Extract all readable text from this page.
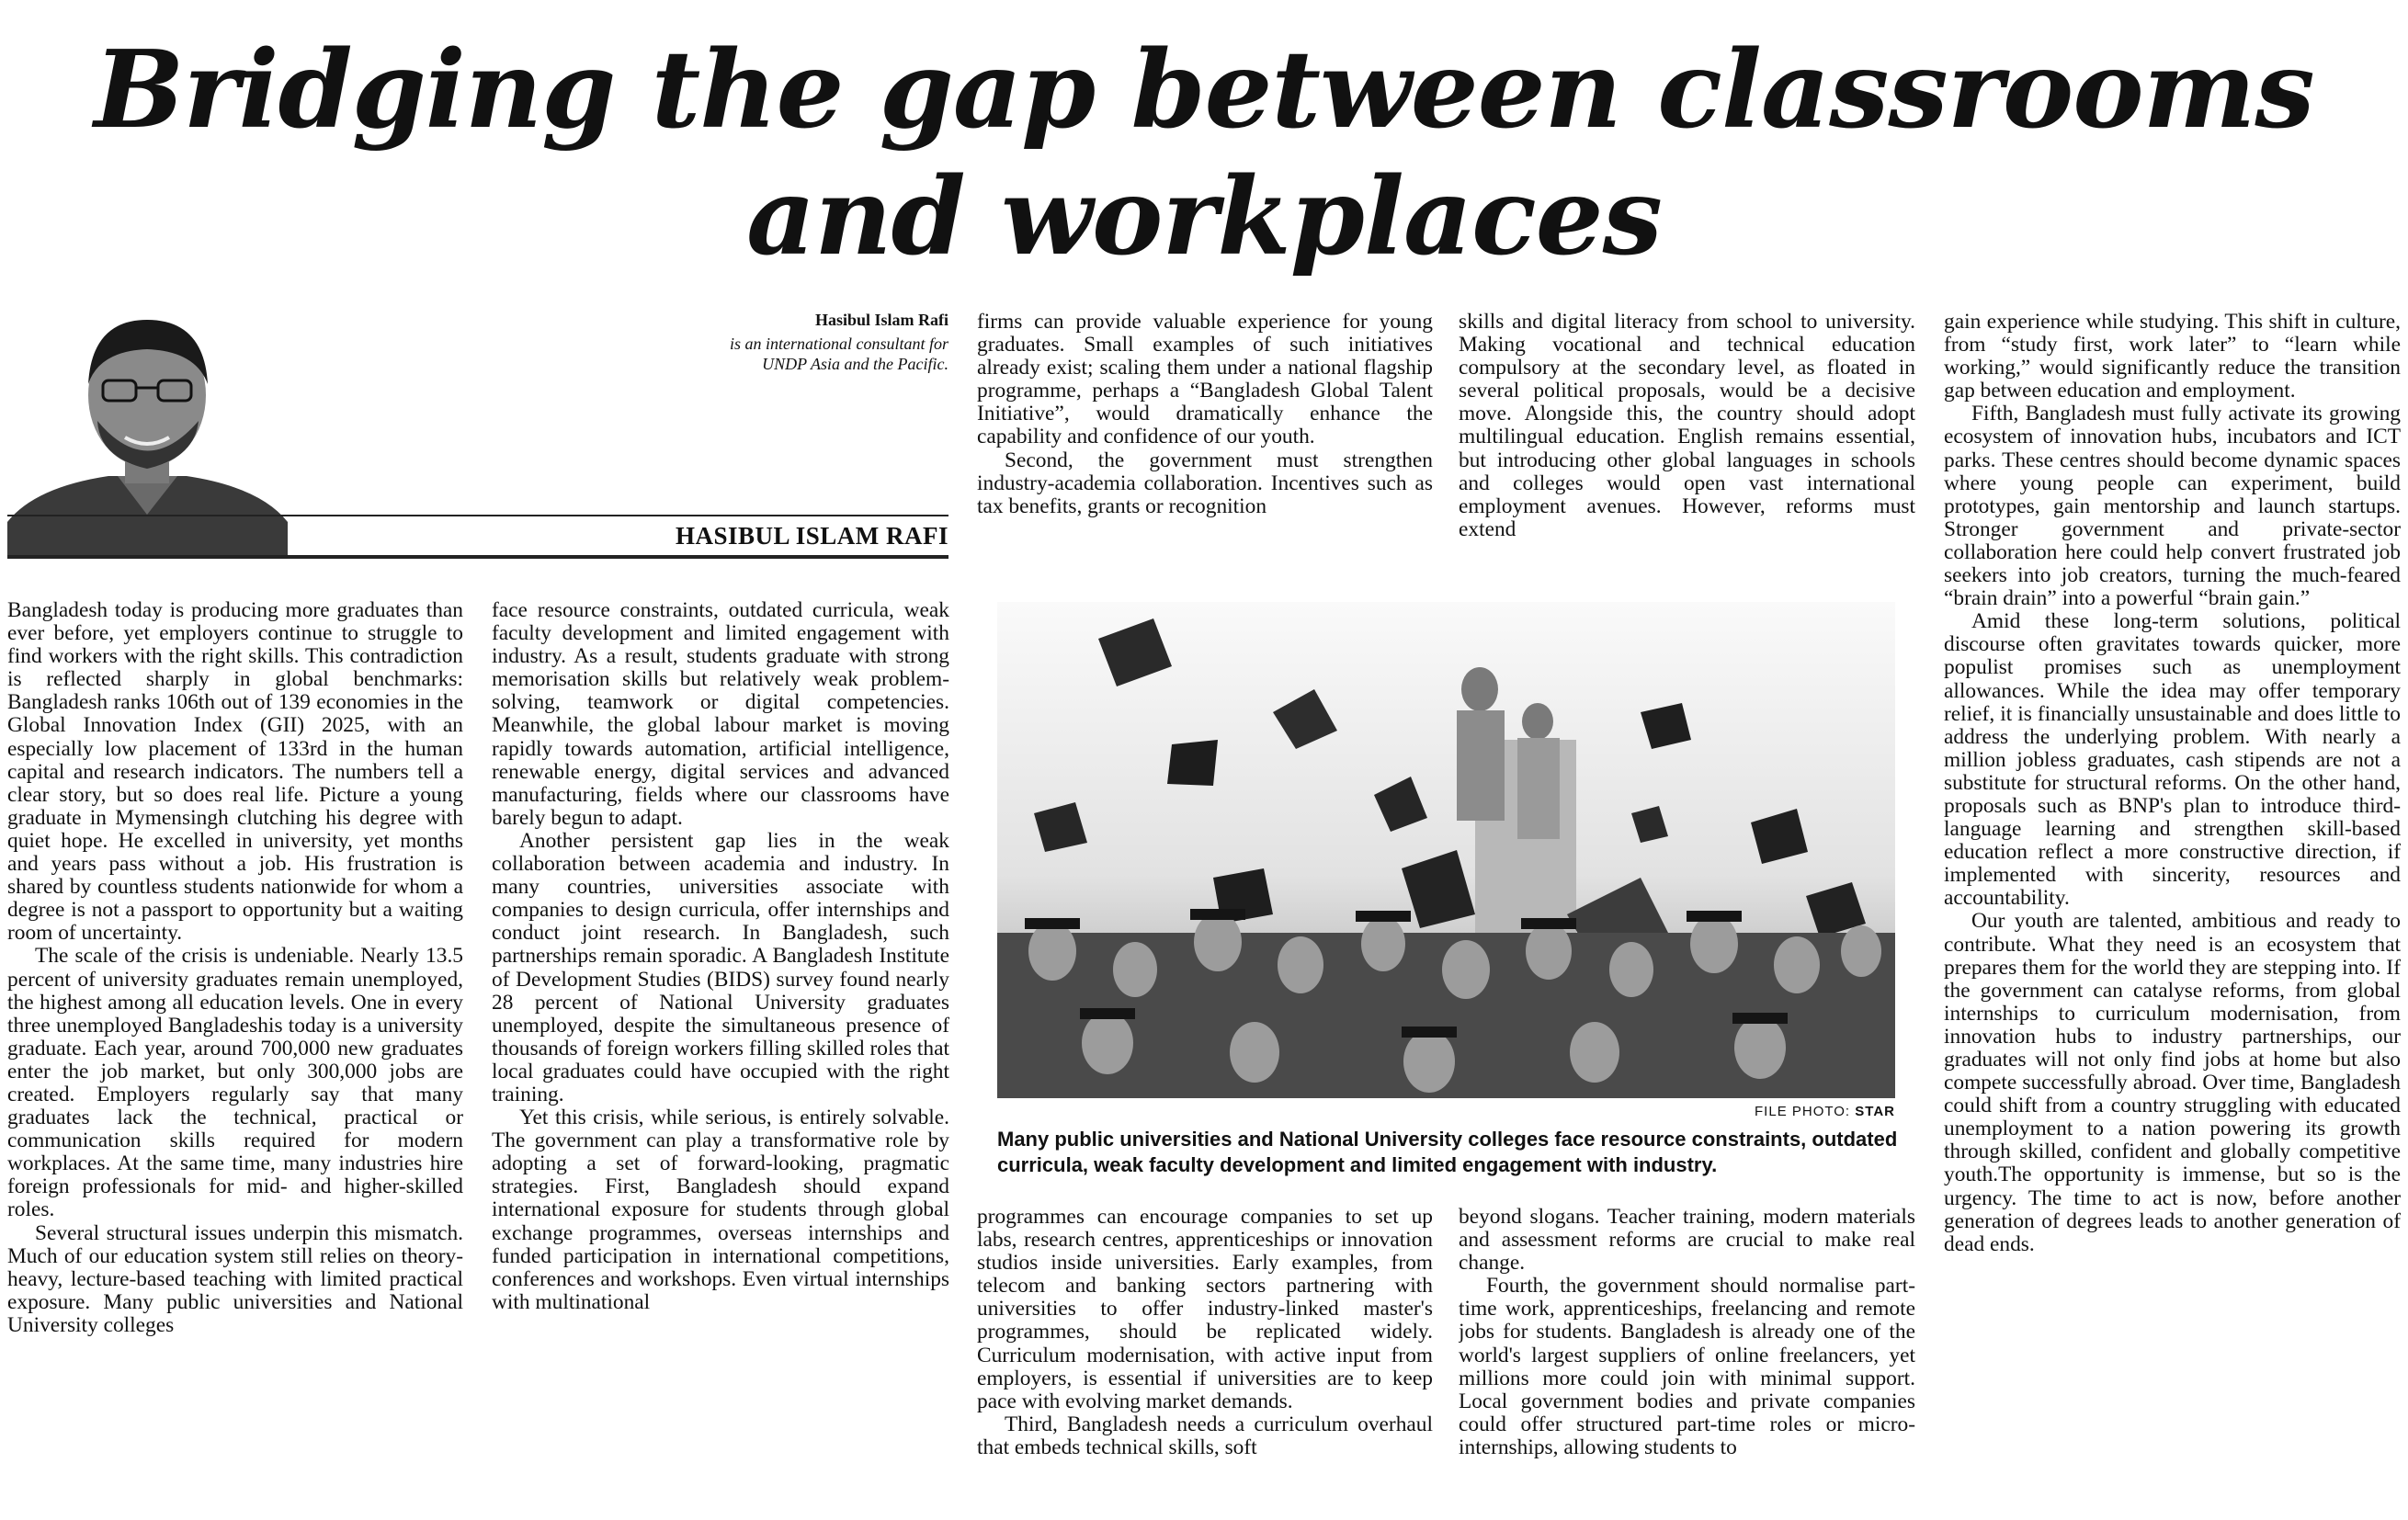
Bridging the gap between classrooms
and workplaces

Hasibul Islam Rafi

is an international consultant for

UNDP Asia and the Pacific.

HASIBUL ISLAM RAFI

Bangladesh today is producing more graduates than ever before, yet employers continue to struggle to find workers with the right skills. This contradiction is reflected sharply in global benchmarks: Bangladesh ranks 106th out of 139 economies in the Global Innovation Index (GII) 2025, with an especially low placement of 133rd in the human capital and research indicators. The numbers tell a clear story, but so does real life. Picture a young graduate in Mymensingh clutching his degree with quiet hope. He excelled in university, yet months and years pass without a job. His frustration is shared by countless students nationwide for whom a degree is not a passport to opportunity but a waiting room of uncertainty.

The scale of the crisis is undeniable. Nearly 13.5 percent of university graduates remain unemployed, the highest among all education levels. One in every three unemployed Bangladeshis today is a university graduate. Each year, around 700,000 new graduates enter the job market, but only 300,000 jobs are created. Employers regularly say that many graduates lack the technical, practical or communication skills required for modern workplaces. At the same time, many industries hire foreign professionals for mid- and higher-skilled roles.

Several structural issues underpin this mismatch. Much of our education system still relies on theory-heavy, lecture-based teaching with limited practical exposure. Many public universities and National University colleges

face resource constraints, outdated curricula, weak faculty development and limited engagement with industry. As a result, students graduate with strong memorisation skills but relatively weak problem-solving, teamwork or digital competencies. Meanwhile, the global labour market is moving rapidly towards automation, artificial intelligence, renewable energy, digital services and advanced manufacturing, fields where our classrooms have barely begun to adapt.

Another persistent gap lies in the weak collaboration between academia and industry. In many countries, universities associate with companies to design curricula, offer internships and conduct joint research. In Bangladesh, such partnerships remain sporadic. A Bangladesh Institute of Development Studies (BIDS) survey found nearly 28 percent of National University graduates unemployed, despite the simultaneous presence of thousands of foreign workers filling skilled roles that local graduates could have occupied with the right training.

Yet this crisis, while serious, is entirely solvable. The government can play a transformative role by adopting a set of forward-looking, pragmatic strategies. First, Bangladesh should expand international exposure for students through global exchange programmes, overseas internships and funded participation in international competitions, conferences and workshops. Even virtual internships with multinational

firms can provide valuable experience for young graduates. Small examples of such initiatives already exist; scaling them under a national flagship programme, perhaps a “Bangladesh Global Talent Initiative”, would dramatically enhance the capability and confidence of our youth.

Second, the government must strengthen industry-academia collaboration. Incentives such as tax benefits, grants or recognition

skills and digital literacy from school to university. Making vocational and technical education compulsory at the secondary level, as floated in several political proposals, would be a decisive move. Alongside this, the country should adopt multilingual education. English remains essential, but introducing other global languages in schools and colleges would open vast international employment avenues. However, reforms must extend

FILE PHOTO: STAR
Many public universities and National University colleges face resource constraints, outdated curricula, weak faculty development and limited engagement with industry.

programmes can encourage companies to set up labs, research centres, apprenticeships or innovation studios inside universities. Early examples, from telecom and banking sectors partnering with universities to offer industry-linked master's programmes, should be replicated widely. Curriculum modernisation, with active input from employers, is essential if universities are to keep pace with evolving market demands.

Third, Bangladesh needs a curriculum overhaul that embeds technical skills, soft

beyond slogans. Teacher training, modern materials and assessment reforms are crucial to make real change.

Fourth, the government should normalise part-time work, apprenticeships, freelancing and remote jobs for students. Bangladesh is already one of the world's largest suppliers of online freelancers, yet millions more could join with minimal support. Local government bodies and private companies could offer structured part-time roles or micro-internships, allowing students to

gain experience while studying. This shift in culture, from “study first, work later” to “learn while working,” would significantly reduce the transition gap between education and employment.

Fifth, Bangladesh must fully activate its growing ecosystem of innovation hubs, incubators and ICT parks. These centres should become dynamic spaces where young people can experiment, build prototypes, gain mentorship and launch startups. Stronger government and private-sector collaboration here could help convert frustrated job seekers into job creators, turning the much-feared “brain drain” into a powerful “brain gain.”

Amid these long-term solutions, political discourse often gravitates towards quicker, more populist promises such as unemployment allowances. While the idea may offer temporary relief, it is financially unsustainable and does little to address the underlying problem. With nearly a million jobless graduates, cash stipends are not a substitute for structural reforms. On the other hand, proposals such as BNP's plan to introduce third-language learning and strengthen skill-based education reflect a more constructive direction, if implemented with sincerity, resources and accountability.

Our youth are talented, ambitious and ready to contribute. What they need is an ecosystem that prepares them for the world they are stepping into. If the government can catalyse reforms, from global internships to curriculum modernisation, from innovation hubs to industry partnerships, our graduates will not only find jobs at home but also compete successfully abroad. Over time, Bangladesh could shift from a country struggling with educated unemployment to a nation powering its growth through skilled, confident and globally competitive youth.The opportunity is immense, but so is the urgency. The time to act is now, before another generation of degrees leads to another generation of dead ends.
